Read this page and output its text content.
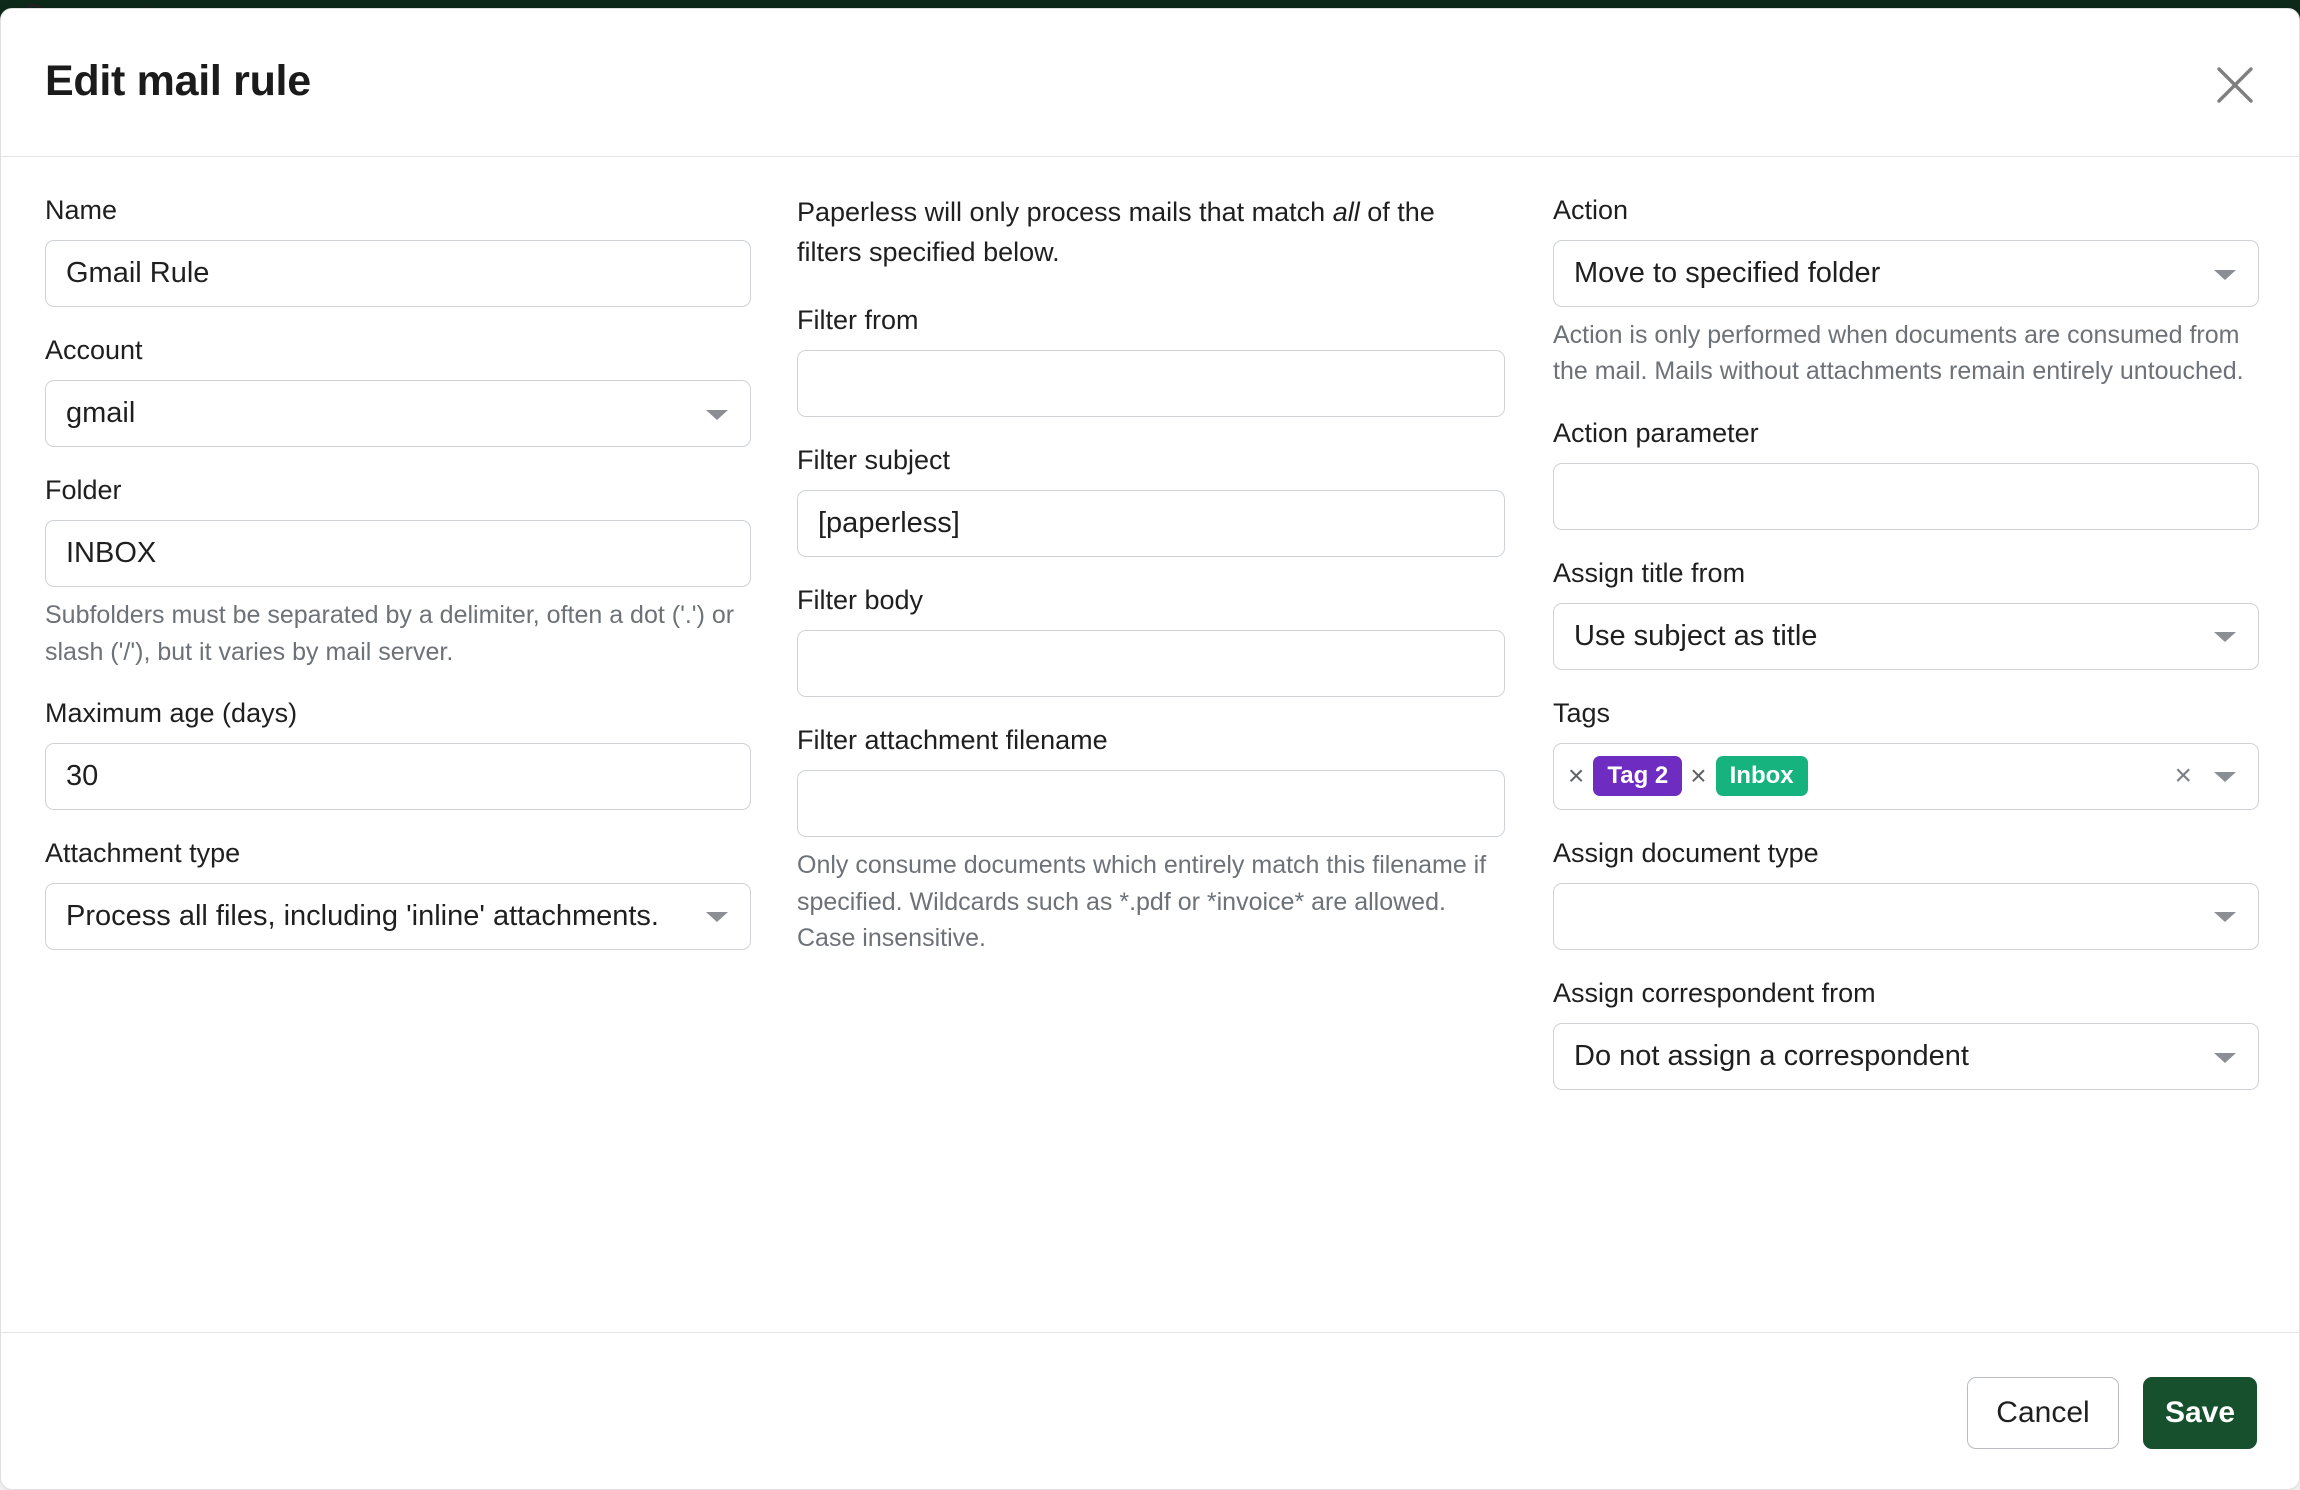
Edit mail rule
Name
Gmail Rule
Account
gmail
Folder
INBOX
Subfolders must be separated by a delimiter, often a dot ('.') or slash ('/'), but it varies by mail server.
Maximum age (days)
30
Attachment type
Process all files, including 'inline' attachments.
Paperless will only process mails that match all of the filters specified below.
Filter from
Filter subject
[paperless]
Filter body
Filter attachment filename
Only consume documents which entirely match this filename if specified. Wildcards such as *.pdf or *invoice* are allowed. Case insensitive.
Action
Move to specified folder
Action is only performed when documents are consumed from the mail. Mails without attachments remain entirely untouched.
Action parameter
Assign title from
Use subject as title
Tags
× Tag 2 × Inbox	×
Assign document type
Assign correspondent from
Do not assign a correspondent
Cancel	Save
